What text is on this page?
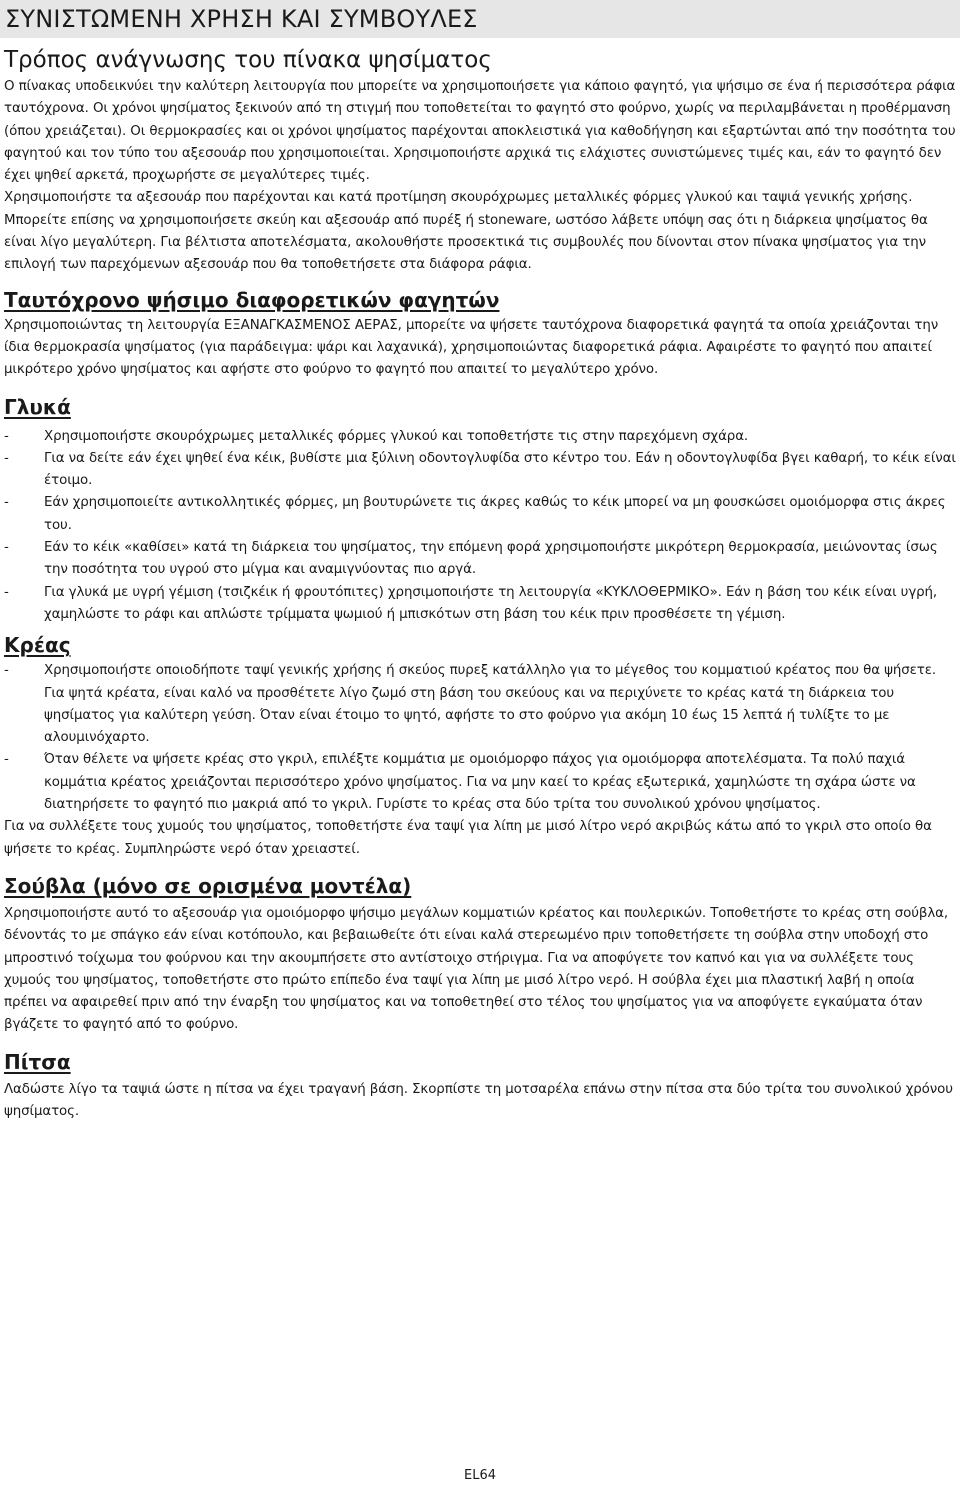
ΣΥΝΙΣΤΩΜΕΝΗ ΧΡΗΣΗ ΚΑΙ ΣΥΜΒΟΥΛΕΣ
Τρόπος ανάγνωσης του πίνακα ψησίματος

Ο πίνακας υποδεικνύει την καλύτερη λειτουργία που μπορείτε να χρησιμοποιήσετε για κάποιο φαγητό, για ψήσιμο σε ένα ή περισσότερα ράφια ταυτόχρονα. Οι χρόνοι ψησίματος ξεκινούν από τη στιγμή που τοποθετείται το φαγητό στο φούρνο, χωρίς να περιλαμβάνεται η προθέρμανση (όπου χρειάζεται). Οι θερμοκρασίες και οι χρόνοι ψησίματος παρέχονται αποκλειστικά για καθοδήγηση και εξαρτώνται από την ποσότητα του φαγητού και τον τύπο του αξεσουάρ που χρησιμοποιείται. Χρησιμοποιήστε αρχικά τις ελάχιστες συνιστώμενες τιμές και, εάν το φαγητό δεν έχει ψηθεί αρκετά, προχωρήστε σε μεγαλύτερες τιμές.

Χρησιμοποιήστε τα αξεσουάρ που παρέχονται και κατά προτίμηση σκουρόχρωμες μεταλλικές φόρμες γλυκού και ταψιά γενικής χρήσης. Μπορείτε επίσης να χρησιμοποιήσετε σκεύη και αξεσουάρ από πυρέξ ή stoneware, ωστόσο λάβετε υπόψη σας ότι η διάρκεια ψησίματος θα είναι λίγο μεγαλύτερη. Για βέλτιστα αποτελέσματα, ακολουθήστε προσεκτικά τις συμβουλές που δίνονται στον πίνακα ψησίματος για την επιλογή των παρεχόμενων αξεσουάρ που θα τοποθετήσετε στα διάφορα ράφια.

Ταυτόχρονο ψήσιμο διαφορετικών φαγητών

Χρησιμοποιώντας τη λειτουργία ΕΞΑΝΑΓΚΑΣΜΕΝΟΣ ΑΕΡΑΣ, μπορείτε να ψήσετε ταυτόχρονα διαφορετικά φαγητά τα οποία χρειάζονται την ίδια θερμοκρασία ψησίματος (για παράδειγμα: ψάρι και λαχανικά), χρησιμοποιώντας διαφορετικά ράφια. Αφαιρέστε το φαγητό που απαιτεί μικρότερο χρόνο ψησίματος και αφήστε στο φούρνο το φαγητό που απαιτεί το μεγαλύτερο χρόνο.

Γλυκά
-	Χρησιμοποιήστε σκουρόχρωμες μεταλλικές φόρμες γλυκού και τοποθετήστε τις στην παρεχόμενη σχάρα.
-	Για να δείτε εάν έχει ψηθεί ένα κέικ, βυθίστε μια ξύλινη οδοντογλυφίδα στο κέντρο του. Εάν η οδοντογλυφίδα βγει καθαρή, το κέικ είναι έτοιμο.
-	Εάν χρησιμοποιείτε αντικολλητικές φόρμες, μη βουτυρώνετε τις άκρες καθώς το κέικ μπορεί να μη φουσκώσει ομοιόμορφα στις άκρες του.
-	Εάν το κέικ «καθίσει» κατά τη διάρκεια του ψησίματος, την επόμενη φορά χρησιμοποιήστε μικρότερη θερμοκρασία, μειώνοντας ίσως την ποσότητα του υγρού στο μίγμα και αναμιγνύοντας πιο αργά.
-	Για γλυκά με υγρή γέμιση (τσιζκέικ ή φρουτόπιτες) χρησιμοποιήστε τη λειτουργία «ΚΥΚΛΟΘΕΡΜΙΚΟ». Εάν η βάση του κέικ είναι υγρή, χαμηλώστε το ράφι και απλώστε τρίμματα ψωμιού ή μπισκότων στη βάση του κέικ πριν προσθέσετε τη γέμιση.
Κρέας
-	Χρησιμοποιήστε οποιοδήποτε ταψί γενικής χρήσης ή σκεύος πυρεξ κατάλληλο για το μέγεθος του κομματιού κρέατος που θα ψήσετε. Για ψητά κρέατα, είναι καλό να προσθέτετε λίγο ζωμό στη βάση του σκεύους και να περιχύνετε το κρέας κατά τη διάρκεια του ψησίματος για καλύτερη γεύση. Όταν είναι έτοιμο το ψητό, αφήστε το στο φούρνο για ακόμη 10 έως 15 λεπτά ή τυλίξτε το με αλουμινόχαρτο.
-	Όταν θέλετε να ψήσετε κρέας στο γκριλ, επιλέξτε κομμάτια με ομοιόμορφο πάχος για ομοιόμορφα αποτελέσματα. Τα πολύ παχιά κομμάτια κρέατος χρειάζονται περισσότερο χρόνο ψησίματος. Για να μην καεί το κρέας εξωτερικά, χαμηλώστε τη σχάρα ώστε να διατηρήσετε το φαγητό πιο μακριά από το γκριλ. Γυρίστε το κρέας στα δύο τρίτα του συνολικού χρόνου ψησίματος.

Για να συλλέξετε τους χυμούς του ψησίματος, τοποθετήστε ένα ταψί για λίπη με μισό λίτρο νερό ακριβώς κάτω από το γκριλ στο οποίο θα ψήσετε το κρέας. Συμπληρώστε νερό όταν χρειαστεί.

Σούβλα (μόνο σε ορισμένα μοντέλα)

Χρησιμοποιήστε αυτό το αξεσουάρ για ομοιόμορφο ψήσιμο μεγάλων κομματιών κρέατος και πουλερικών. Τοποθετήστε το κρέας στη σούβλα, δένοντάς το με σπάγκο εάν είναι κοτόπουλο, και βεβαιωθείτε ότι είναι καλά στερεωμένο πριν τοποθετήσετε τη σούβλα στην υποδοχή στο μπροστινό τοίχωμα του φούρνου και την ακουμπήσετε στο αντίστοιχο στήριγμα. Για να αποφύγετε τον καπνό και για να συλλέξετε τους χυμούς του ψησίματος, τοποθετήστε στο πρώτο επίπεδο ένα ταψί για λίπη με μισό λίτρο νερό. Η σούβλα έχει μια πλαστική λαβή η οποία πρέπει να αφαιρεθεί πριν από την έναρξη του ψησίματος και να τοποθετηθεί στο τέλος του ψησίματος για να αποφύγετε εγκαύματα όταν βγάζετε το φαγητό από το φούρνο.

Πίτσα

Λαδώστε λίγο τα ταψιά ώστε η πίτσα να έχει τραγανή βάση. Σκορπίστε τη μοτσαρέλα επάνω στην πίτσα στα δύο τρίτα του συνολικού χρόνου ψησίματος.

EL64
